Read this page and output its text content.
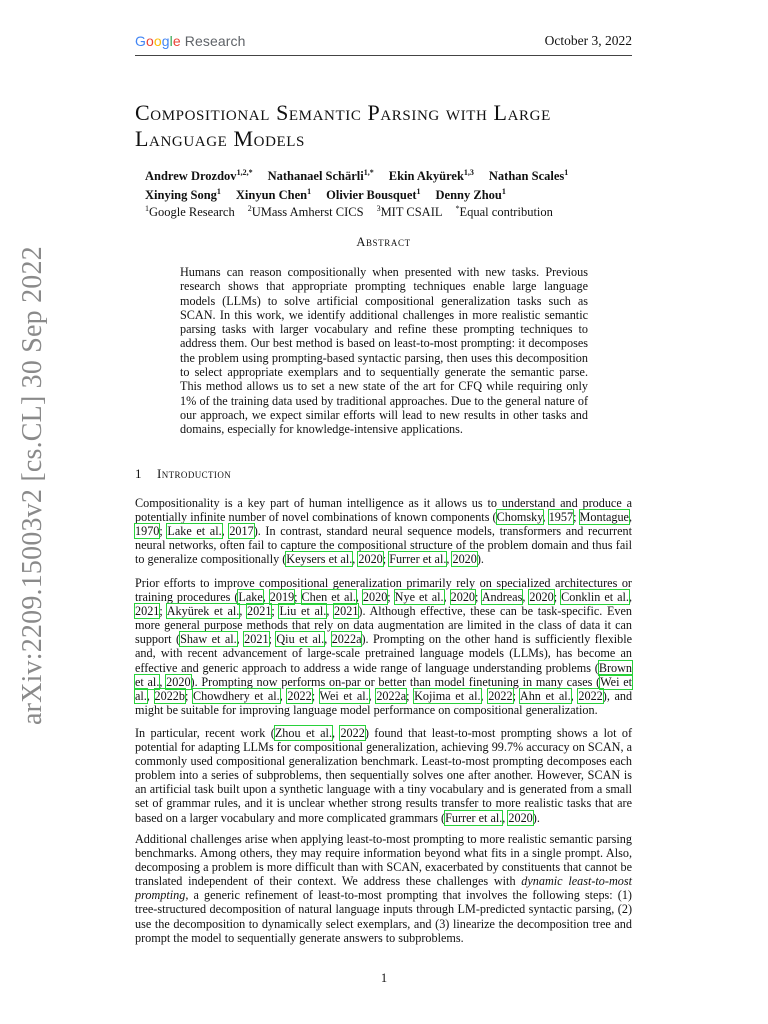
Google Research	October 3, 2022
arXiv:2209.15003v2 [cs.CL] 30 Sep 2022
Compositional Semantic Parsing with Large Language Models
Andrew Drozdov$^{1,2,*}$ Nathanael Schärli$^{1,*}$ Ekin Akyürek$^{1,3}$ Nathan Scales$^1$
Xinying Song$^1$ Xinyun Chen$^1$ Olivier Bousquet$^1$ Denny Zhou$^1$
$^1$Google Research $^2$UMass Amherst CICS $^3$MIT CSAIL *Equal contribution
Abstract

Humans can reason compositionally when presented with new tasks. Previous research shows that appropriate prompting techniques enable large language models (LLMs) to solve artificial compositional generalization tasks such as SCAN. In this work, we identify additional challenges in more realistic semantic parsing tasks with larger vocabulary and refine these prompting techniques to address them. Our best method is based on least-to-most prompting: it decomposes the problem using prompting-based syntactic parsing, then uses this decomposition to select appropriate exemplars and to sequentially generate the semantic parse. This method allows us to set a new state of the art for CFQ while requiring only 1% of the training data used by traditional approaches. Due to the general nature of our approach, we expect similar efforts will lead to new results in other tasks and domains, especially for knowledge-intensive applications.

1 Introduction

Compositionality is a key part of human intelligence as it allows us to understand and produce a potentially infinite number of novel combinations of known components (Chomsky, 1957; Montague, 1970; Lake et al., 2017). In contrast, standard neural sequence models, transformers and recurrent neural networks, often fail to capture the compositional structure of the problem domain and thus fail to generalize compositionally (Keysers et al., 2020; Furrer et al., 2020).

Prior efforts to improve compositional generalization primarily rely on specialized architectures or training procedures (Lake, 2019; Chen et al., 2020; Nye et al., 2020; Andreas, 2020; Conklin et al., 2021; Akyürek et al., 2021; Liu et al., 2021). Although effective, these can be task-specific. Even more general purpose methods that rely on data augmentation are limited in the class of data it can support (Shaw et al., 2021; Qiu et al., 2022a). Prompting on the other hand is sufficiently flexible and, with recent advancement of large-scale pretrained language models (LLMs), has become an effective and generic approach to address a wide range of language understanding problems (Brown et al., 2020). Prompting now performs on-par or better than model finetuning in many cases (Wei et al., 2022b; Chowdhery et al., 2022; Wei et al., 2022a; Kojima et al., 2022; Ahn et al., 2022), and might be suitable for improving language model performance on compositional generalization.

In particular, recent work (Zhou et al., 2022) found that least-to-most prompting shows a lot of potential for adapting LLMs for compositional generalization, achieving 99.7% accuracy on SCAN, a commonly used compositional generalization benchmark. Least-to-most prompting decomposes each problem into a series of subproblems, then sequentially solves one after another. However, SCAN is an artificial task built upon a synthetic language with a tiny vocabulary and is generated from a small set of grammar rules, and it is unclear whether strong results transfer to more realistic tasks that are based on a larger vocabulary and more complicated grammars (Furrer et al., 2020).

Additional challenges arise when applying least-to-most prompting to more realistic semantic parsing benchmarks. Among others, they may require information beyond what fits in a single prompt. Also, decomposing a problem is more difficult than with SCAN, exacerbated by constituents that cannot be translated independent of their context. We address these challenges with dynamic least-to-most prompting, a generic refinement of least-to-most prompting that involves the following steps: (1) tree-structured decomposition of natural language inputs through LM-predicted syntactic parsing, (2) use the decomposition to dynamically select exemplars, and (3) linearize the decomposition tree and prompt the model to sequentially generate answers to subproblems.

1
